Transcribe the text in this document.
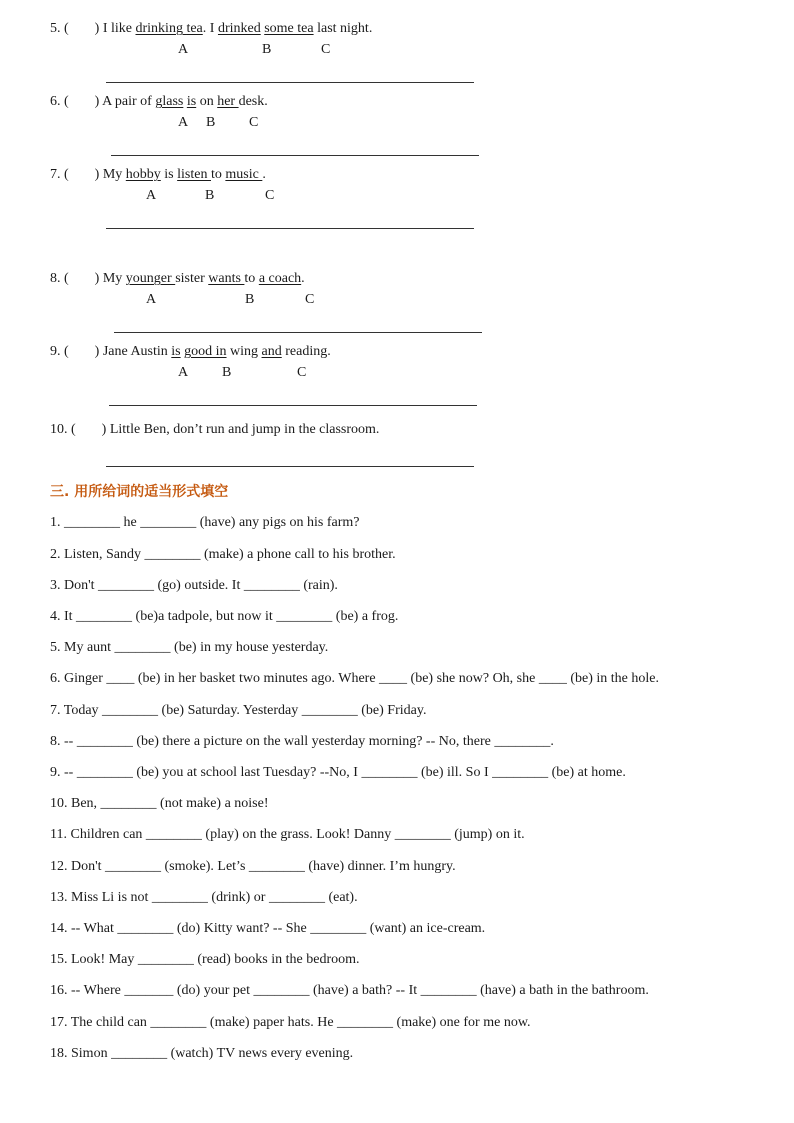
5. ( ) I like drinking tea. I drinked some tea last night.
A	B	C
6. ( ) A pair of glass is on her desk.
A B C
7. ( ) My hobby is listen to music .
A	B	C
8. ( ) My younger sister wants to a coach.
A	B	C
9. ( ) Jane Austin is good in wing and reading.
A B	C
10. ( ) Little Ben, don’t run and jump in the classroom.
三. 用所给词的适当形式填空
1. ________ he ________ (have) any pigs on his farm?
2. Listen, Sandy ________ (make) a phone call to his brother.
3. Don't ________ (go) outside. It ________ (rain).
4. It ________ (be)a tadpole, but now it ________ (be) a frog.
5. My aunt ________ (be) in my house yesterday.
6. Ginger ____ (be) in her basket two minutes ago. Where ____ (be) she now? Oh, she ____ (be) in the hole.
7. Today ________ (be) Saturday. Yesterday ________ (be) Friday.
8. -- ________ (be) there a picture on the wall yesterday morning? -- No, there ________.
9. -- ________ (be) you at school last Tuesday? --No, I ________ (be) ill. So I ________ (be) at home.
10. Ben, ________ (not make) a noise!
11. Children can ________ (play) on the grass. Look! Danny ________ (jump) on it.
12. Don't ________ (smoke). Let’s ________ (have) dinner. I’m hungry.
13. Miss Li is not ________ (drink) or ________ (eat).
14. -- What ________ (do) Kitty want? -- She ________ (want) an ice-cream.
15. Look! May ________ (read) books in the bedroom.
16. -- Where _______ (do) your pet ________ (have) a bath? -- It ________ (have) a bath in the bathroom.
17. The child can ________ (make) paper hats. He ________ (make) one for me now.
18. Simon ________ (watch) TV news every evening.
